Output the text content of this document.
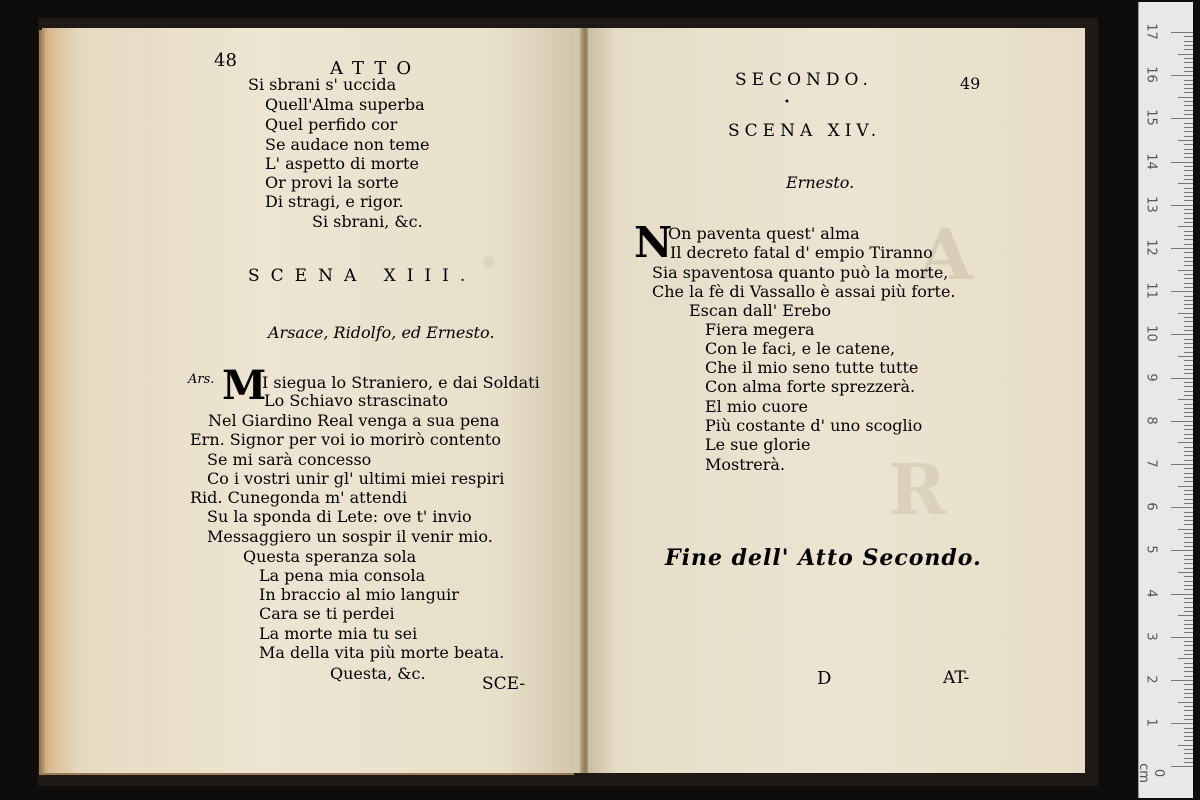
·	A
R
48	ATTO
Si sbrani s' uccida
Quell'Alma superba
Quel perfido cor
Se audace non teme
L' aspetto di morte
Or provi la sorte
Di stragi, e rigor.
Si sbrani, &c.
SCENA XIII.
Arsace, Ridolfo, ed Ernesto.
Ars. M
I siegua lo Straniero, e dai Soldati
Lo Schiavo strascinato
Nel Giardino Real venga a sua pena
Ern. Signor per voi io morirò contento
Se mi sarà concesso
Co i vostri unir gl' ultimi miei respiri
Rid. Cunegonda m' attendi
Su la sponda di Lete: ove t' invio
Messaggiero un sospir il venir mio.
Questa speranza sola
La pena mia consola
In braccio al mio languir
Cara se ti perdei
La morte mia tu sei
Ma della vita più morte beata.
Questa, &c.
SCE-
SECONDO.	49
•
SCENA XIV.
Ernesto.
N
On paventa quest' alma
Il decreto fatal d' empio Tiranno
Sia spaventosa quanto può la morte,
Che la fè di Vassallo è assai più forte.
Escan dall' Erebo
Fiera megera
Con le faci, e le catene,
Che il mio seno tutte tutte
Con alma forte sprezzerà.
El mio cuore
Più costante d' uno scoglio
Le sue glorie
Mostrerà.
Fine dell' Atto Secondo.
D	AT-
17
16
15
14
13
12
11
10
9
8
7
6
5
4
3
2
1
0 cm
